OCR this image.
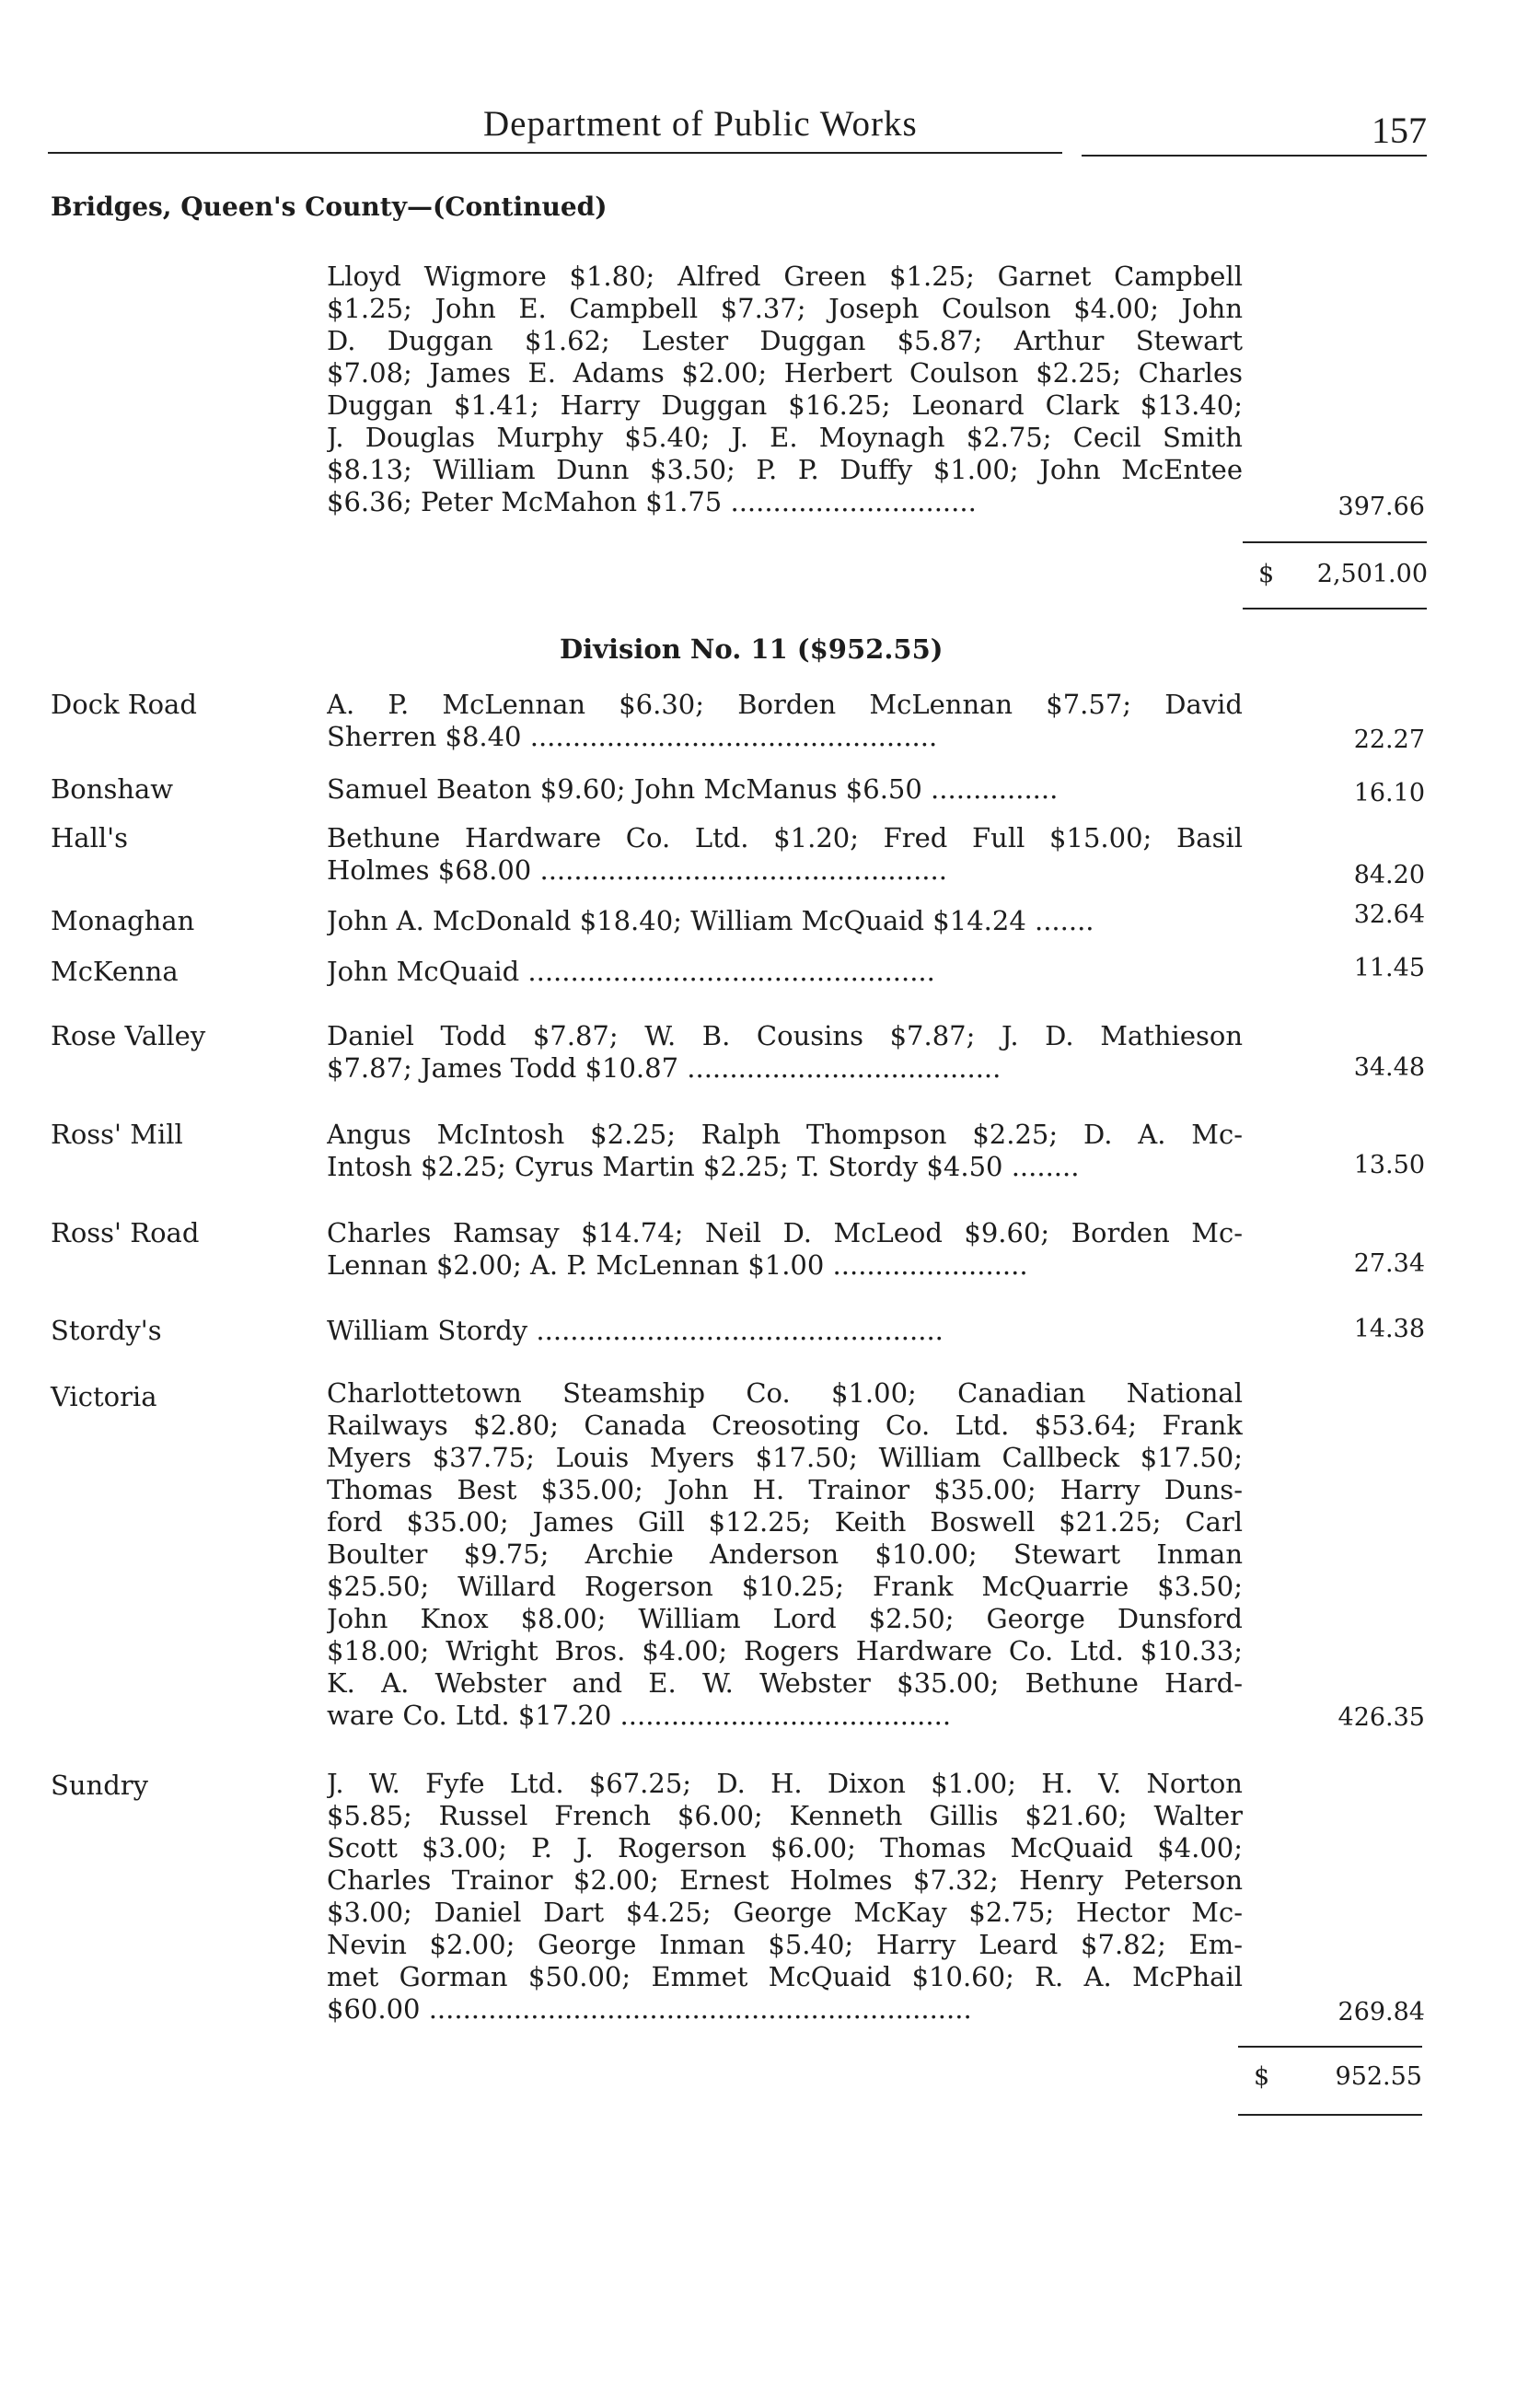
Department of Public Works	157
Bridges, Queen's County—(Continued)
Lloyd Wigmore $1.80; Alfred Green $1.25; Garnet Campbell
$1.25; John E. Campbell $7.37; Joseph Coulson $4.00; John
D. Duggan $1.62; Lester Duggan $5.87; Arthur Stewart
$7.08; James E. Adams $2.00; Herbert Coulson $2.25; Charles
Duggan $1.41; Harry Duggan $16.25; Leonard Clark $13.40;
J. Douglas Murphy $5.40; J. E. Moynagh $2.75; Cecil Smith
$8.13; William Dunn $3.50; P. P. Duffy $1.00; John McEntee
$6.36; Peter McMahon $1.75 .............................	397.66
$ 2,501.00
Division No. 11 ($952.55)
Dock Road	A. P. McLennan $6.30; Borden McLennan $7.57; David
Sherren $8.40 ................................................	22.27
Bonshaw	Samuel Beaton $9.60; John McManus $6.50 ...............	16.10
Hall's	Bethune Hardware Co. Ltd. $1.20; Fred Full $15.00; Basil
Holmes $68.00 ................................................	84.20
Monaghan	John A. McDonald $18.40; William McQuaid $14.24 .......	32.64
McKenna	John McQuaid ................................................	11.45
Rose Valley	Daniel Todd $7.87; W. B. Cousins $7.87; J. D. Mathieson
$7.87; James Todd $10.87 .....................................	34.48
Ross' Mill	Angus McIntosh $2.25; Ralph Thompson $2.25; D. A. Mc-
Intosh $2.25; Cyrus Martin $2.25; T. Stordy $4.50 ........	13.50
Ross' Road	Charles Ramsay $14.74; Neil D. McLeod $9.60; Borden Mc-
Lennan $2.00; A. P. McLennan $1.00 .......................	27.34
Stordy's	William Stordy ................................................	14.38
Victoria	Charlottetown Steamship Co. $1.00; Canadian National
Railways $2.80; Canada Creosoting Co. Ltd. $53.64; Frank
Myers $37.75; Louis Myers $17.50; William Callbeck $17.50;
Thomas Best $35.00; John H. Trainor $35.00; Harry Duns-
ford $35.00; James Gill $12.25; Keith Boswell $21.25; Carl
Boulter $9.75; Archie Anderson $10.00; Stewart Inman
$25.50; Willard Rogerson $10.25; Frank McQuarrie $3.50;
John Knox $8.00; William Lord $2.50; George Dunsford
$18.00; Wright Bros. $4.00; Rogers Hardware Co. Ltd. $10.33;
K. A. Webster and E. W. Webster $35.00; Bethune Hard-
ware Co. Ltd. $17.20 .......................................	426.35
Sundry	J. W. Fyfe Ltd. $67.25; D. H. Dixon $1.00; H. V. Norton
$5.85; Russel French $6.00; Kenneth Gillis $21.60; Walter
Scott $3.00; P. J. Rogerson $6.00; Thomas McQuaid $4.00;
Charles Trainor $2.00; Ernest Holmes $7.32; Henry Peterson
$3.00; Daniel Dart $4.25; George McKay $2.75; Hector Mc-
Nevin $2.00; George Inman $5.40; Harry Leard $7.82; Em-
met Gorman $50.00; Emmet McQuaid $10.60; R. A. McPhail
$60.00 ................................................................	269.84
$	952.55
